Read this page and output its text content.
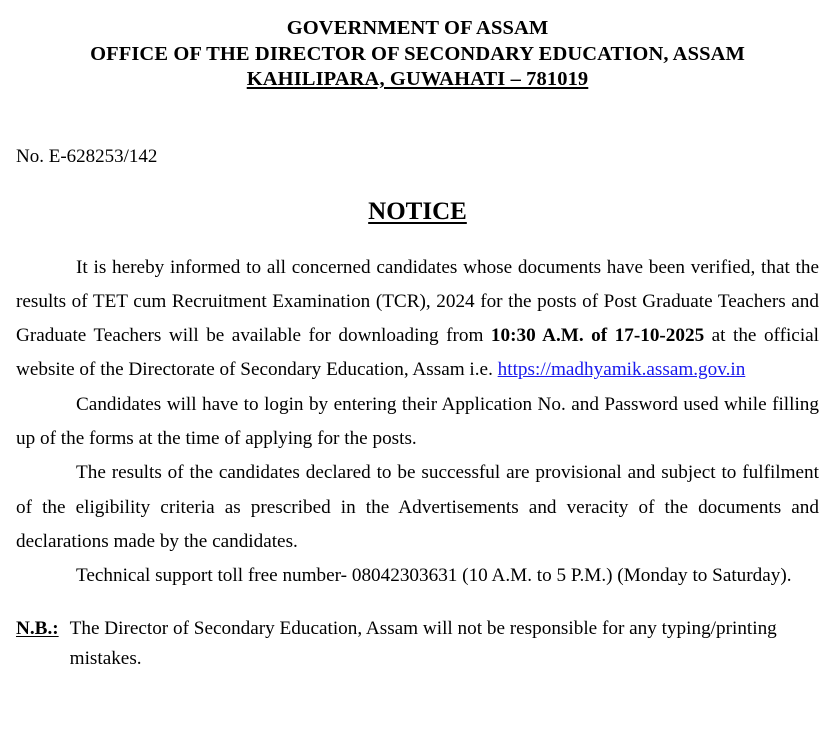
GOVERNMENT OF ASSAM
OFFICE OF THE DIRECTOR OF SECONDARY EDUCATION, ASSAM
KAHILIPARA, GUWAHATI – 781019
No. E-628253/142
NOTICE

It is hereby informed to all concerned candidates whose documents have been verified, that the results of TET cum Recruitment Examination (TCR), 2024 for the posts of Post Graduate Teachers and Graduate Teachers will be available for downloading from 10:30 A.M. of 17-10-2025 at the official website of the Directorate of Secondary Education, Assam i.e. https://madhyamik.assam.gov.in

Candidates will have to login by entering their Application No. and Password used while filling up of the forms at the time of applying for the posts.

The results of the candidates declared to be successful are provisional and subject to fulfilment of the eligibility criteria as prescribed in the Advertisements and veracity of the documents and declarations made by the candidates.

Technical support toll free number- 08042303631 (10 A.M. to 5 P.M.) (Monday to Saturday).

N.B.: The Director of Secondary Education, Assam will not be responsible for any typing/printing mistakes.
